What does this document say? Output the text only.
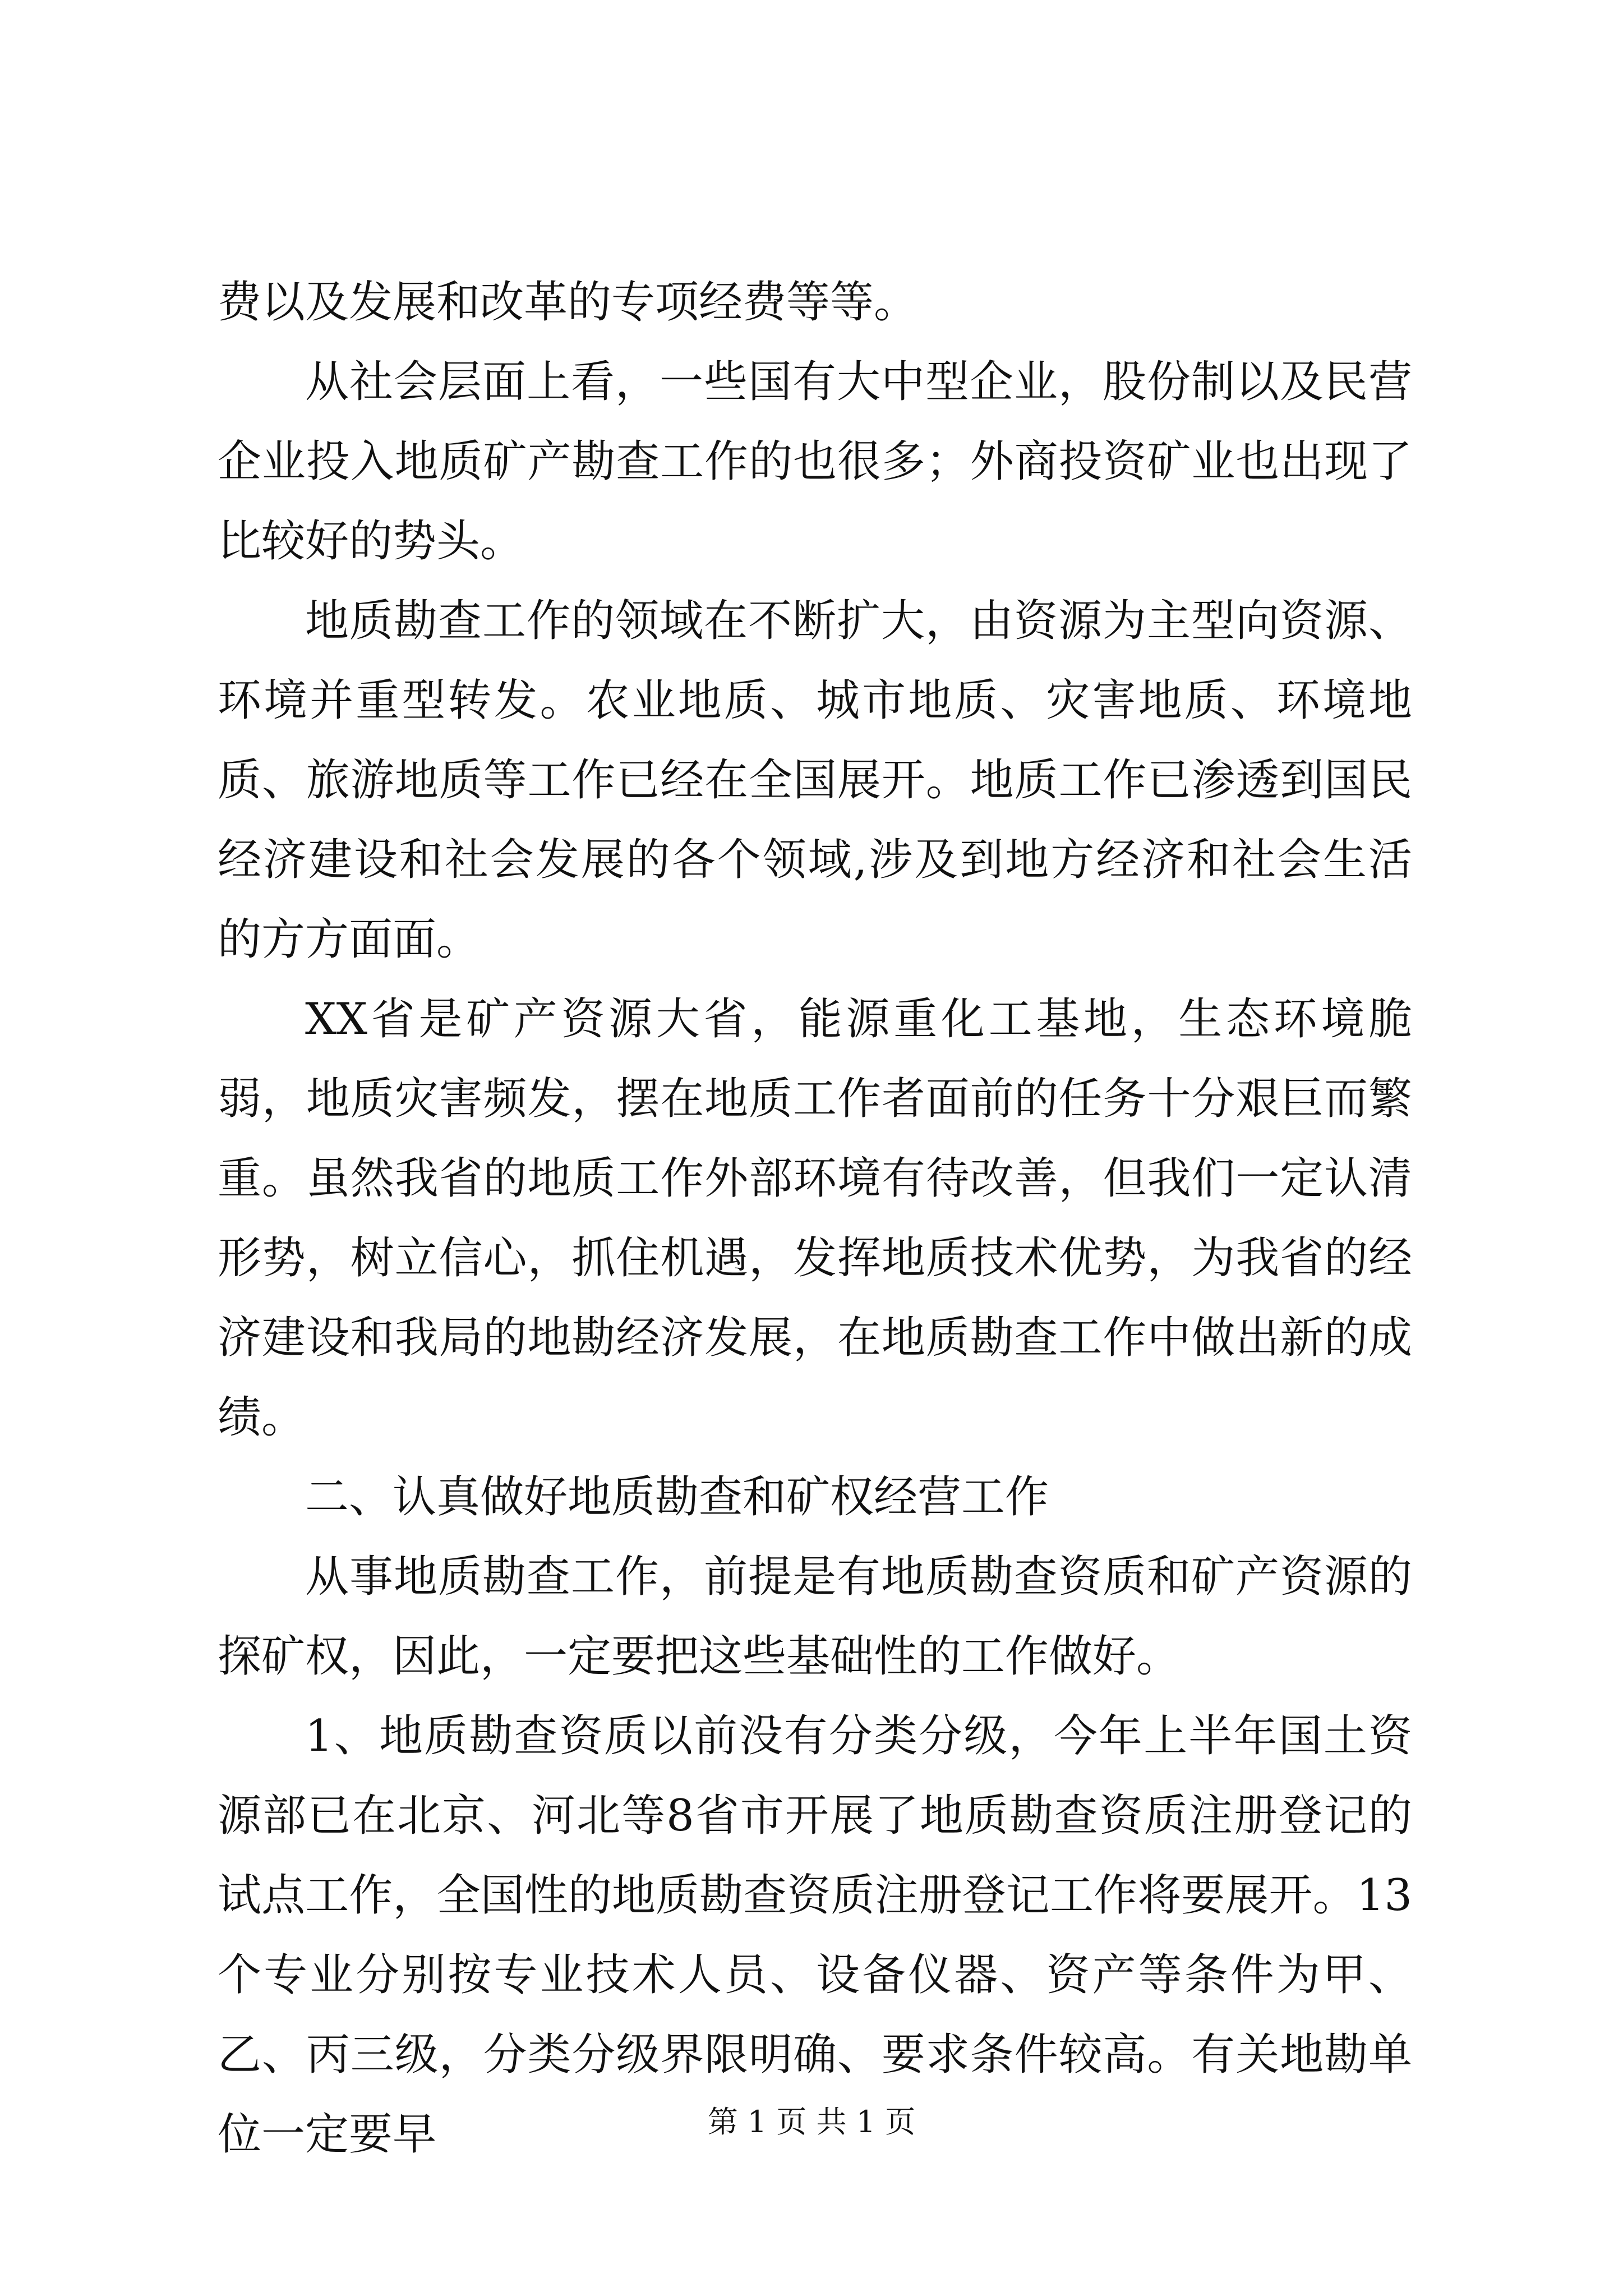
费以及发展和改革的专项经费等等。

从社会层面上看，一些国有大中型企业，股份制以及民营企业投入地质矿产勘查工作的也很多；外商投资矿业也出现了比较好的势头。

地质勘查工作的领域在不断扩大，由资源为主型向资源、环境并重型转发。农业地质、城市地质、灾害地质、环境地质、旅游地质等工作已经在全国展开。地质工作已渗透到国民经济建设和社会发展的各个领域,涉及到地方经济和社会生活的方方面面。

XX省是矿产资源大省，能源重化工基地，生态环境脆弱，地质灾害频发，摆在地质工作者面前的任务十分艰巨而繁重。虽然我省的地质工作外部环境有待改善，但我们一定认清形势，树立信心，抓住机遇，发挥地质技术优势，为我省的经济建设和我局的地勘经济发展，在地质勘查工作中做出新的成绩。

二、认真做好地质勘查和矿权经营工作

从事地质勘查工作，前提是有地质勘查资质和矿产资源的探矿权，因此，一定要把这些基础性的工作做好。

1、地质勘查资质以前没有分类分级，今年上半年国土资源部已在北京、河北等8省市开展了地质勘查资质注册登记的试点工作，全国性的地质勘查资质注册登记工作将要展开。13个专业分别按专业技术人员、设备仪器、资产等条件为甲、乙、丙三级，分类分级界限明确、要求条件较高。有关地勘单位一定要早	第 1 页 共 1 页
